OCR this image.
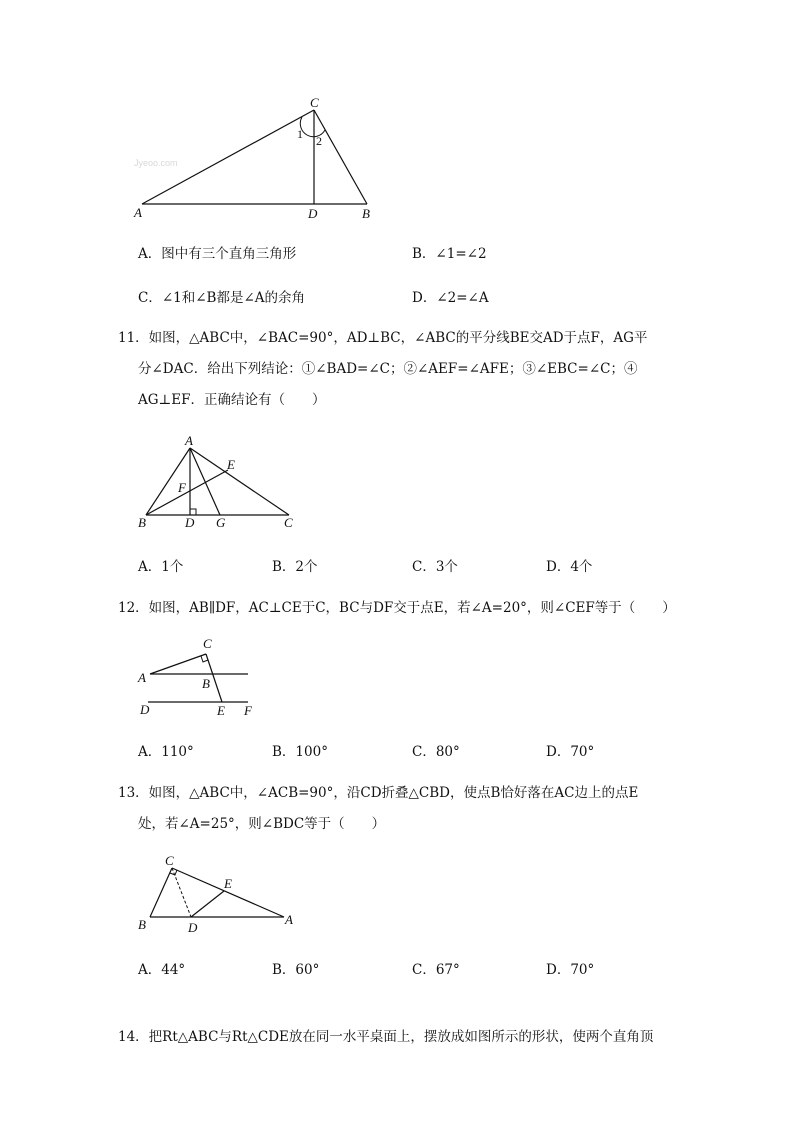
Jyeoo.com
C
A	D	B
1 2
A．图中有三个直角三角形	B．∠1=∠2
C．∠1和∠B都是∠A的余角	D．∠2=∠A

11．如图，△ABC中，∠BAC=90°，AD⊥BC，∠ABC的平分线BE交AD于点F，AG平

分∠DAC．给出下列结论：①∠BAD=∠C；②∠AEF=∠AFE；③∠EBC=∠C；④

AG⊥EF．正确结论有（　　）

A
E
F
B	D G	C
A．1个	B．2个	C．3个	D．4个

12．如图，AB∥DF，AC⊥CE于C，BC与DF交于点E，若∠A=20°，则∠CEF等于（　　）

C
A	B
D	E F
A．110°	B．100°	C．80°	D．70°

13．如图，△ABC中，∠ACB=90°，沿CD折叠△CBD，使点B恰好落在AC边上的点E

处，若∠A=25°，则∠BDC等于（　　）

C
E
B	D
A
A．44°	B．60°	C．67°	D．70°

14．把Rt△ABC与Rt△CDE放在同一水平桌面上，摆放成如图所示的形状，使两个直角顶
